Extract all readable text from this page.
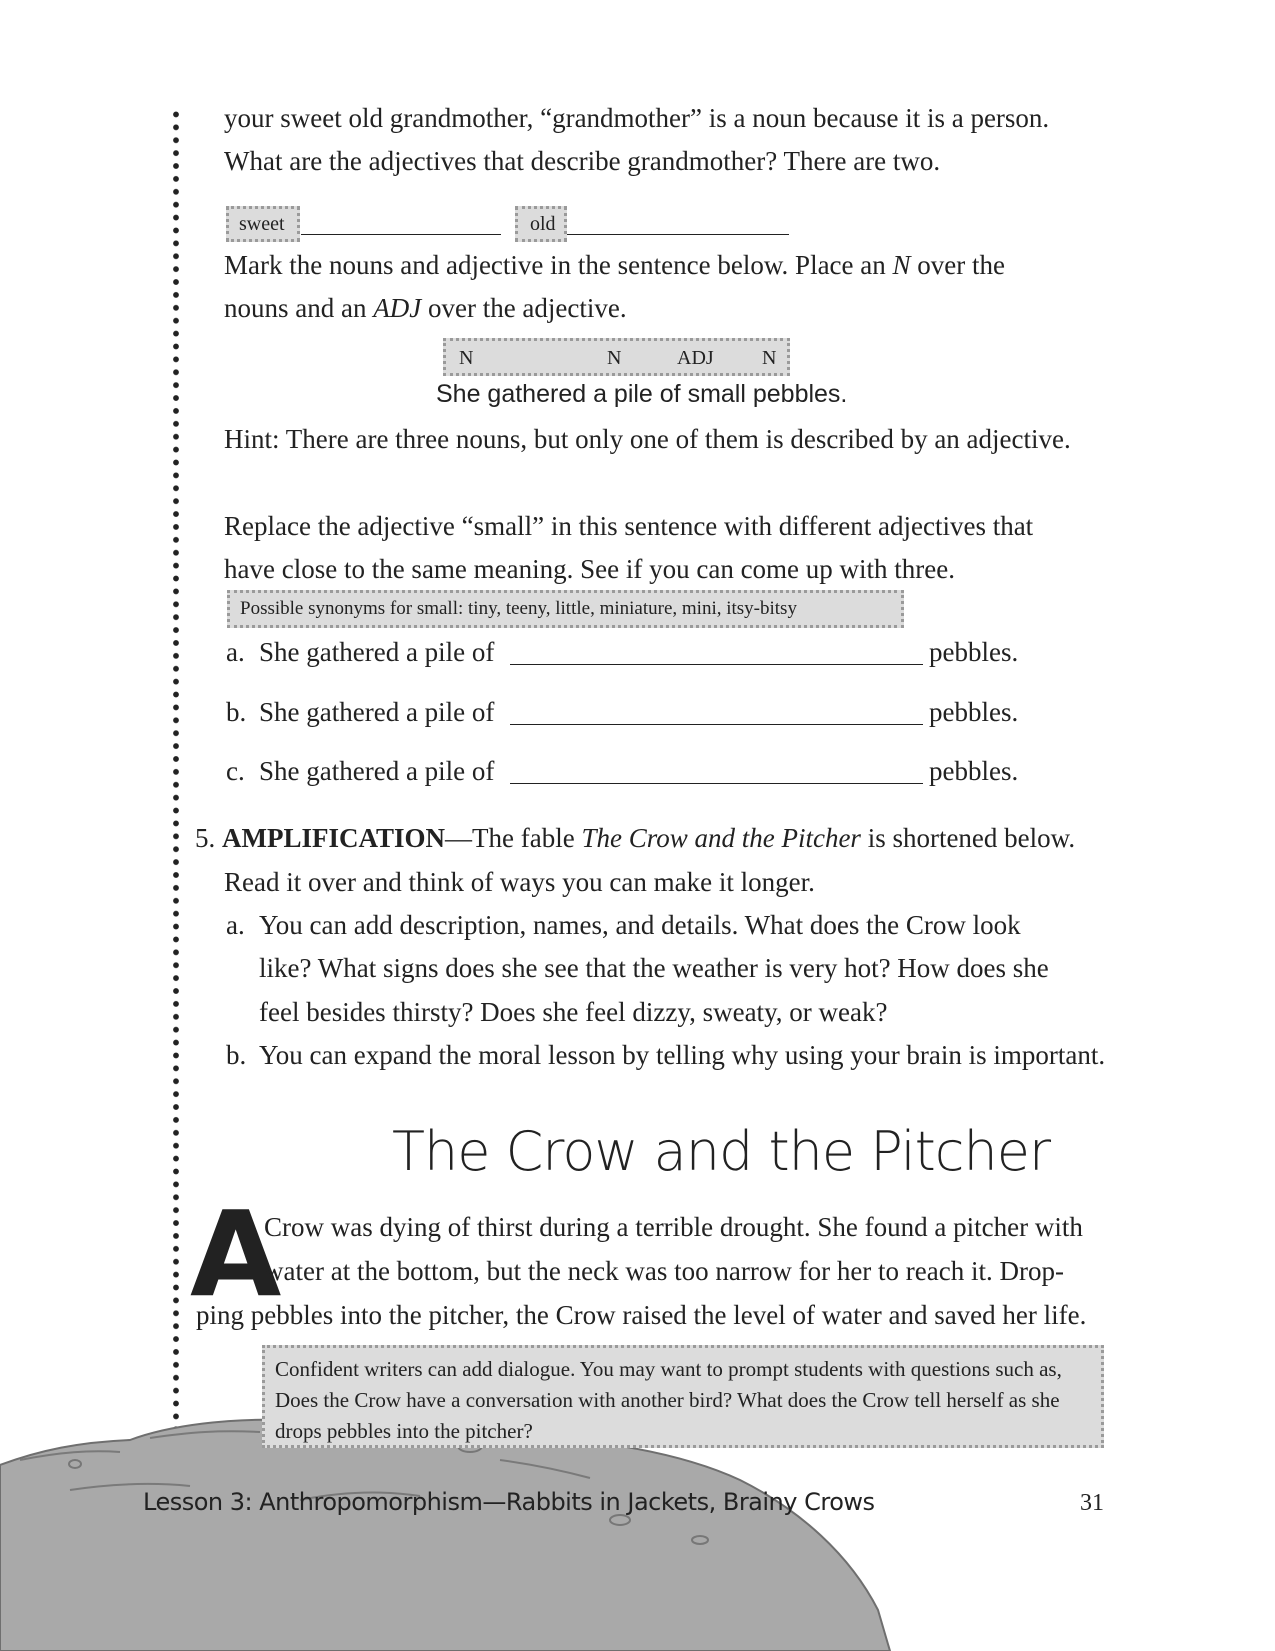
your sweet old grandmother, “grandmother” is a noun because it is a person.
What are the adjectives that describe grandmother? There are two.
sweet	old
Mark the nouns and adjective in the sentence below. Place an N over the
nouns and an ADJ over the adjective.
N	N	ADJ N
She gathered a pile of small pebbles.
Hint: There are three nouns, but only one of them is described by an adjective.
Replace the adjective “small” in this sentence with different adjectives that
have close to the same meaning. See if you can come up with three.
Possible synonyms for small: tiny, teeny, little, miniature, mini, itsy-bitsy
a. She gathered a pile of	pebbles.
b. She gathered a pile of	pebbles.
c. She gathered a pile of	pebbles.
5. AMPLIFICATION—The fable The Crow and the Pitcher is shortened below.
Read it over and think of ways you can make it longer.
a. You can add description, names, and details. What does the Crow look
like? What signs does she see that the weather is very hot? How does she
feel besides thirsty? Does she feel dizzy, sweaty, or weak?
b. You can expand the moral lesson by telling why using your brain is important.
The Crow and the Pitcher
A
Crow was dying of thirst during a terrible drought. She found a pitcher with
water at the bottom, but the neck was too narrow for her to reach it. Drop-
ping pebbles into the pitcher, the Crow raised the level of water and saved her life.
Confident writers can add dialogue. You may want to prompt students with questions such as,
Does the Crow have a conversation with another bird? What does the Crow tell herself as she
drops pebbles into the pitcher?
Lesson 3: Anthropomorphism—Rabbits in Jackets, Brainy Crows	31
